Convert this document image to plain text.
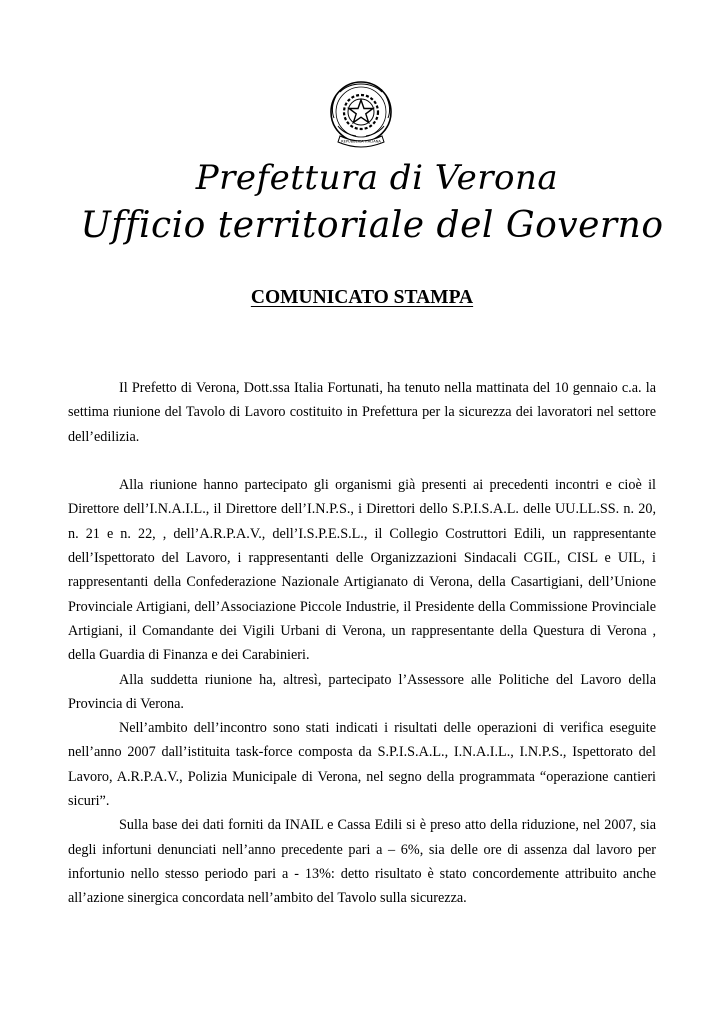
REPUBBLICA ITALIANA
Prefettura di Verona
Ufficio territoriale del Governo
COMUNICATO STAMPA

Il Prefetto di Verona, Dott.ssa Italia Fortunati, ha tenuto nella mattinata del 10 gennaio c.a. la settima riunione del Tavolo di Lavoro costituito in Prefettura per la sicurezza dei lavoratori nel settore dell’edilizia.

Alla riunione hanno partecipato gli organismi già presenti ai precedenti incontri e cioè il Direttore dell’I.N.A.I.L., il Direttore dell’I.N.P.S., i Direttori dello S.P.I.S.A.L. delle UU.LL.SS. n. 20, n. 21 e n. 22, , dell’A.R.P.A.V., dell’I.S.P.E.S.L., il Collegio Costruttori Edili, un rappresentante dell’Ispettorato del Lavoro, i rappresentanti delle Organizzazioni Sindacali CGIL, CISL e UIL, i rappresentanti della Confederazione Nazionale Artigianato di Verona, della Casartigiani, dell’Unione Provinciale Artigiani, dell’Associazione Piccole Industrie, il Presidente della Commissione Provinciale Artigiani, il Comandante dei Vigili Urbani di Verona, un rappresentante della Questura di Verona , della Guardia di Finanza e dei Carabinieri.

Alla suddetta riunione ha, altresì, partecipato l’Assessore alle Politiche del Lavoro della Provincia di Verona.

Nell’ambito dell’incontro sono stati indicati i risultati delle operazioni di verifica eseguite nell’anno 2007 dall’istituita task-force composta da S.P.I.S.A.L., I.N.A.I.L., I.N.P.S., Ispettorato del Lavoro, A.R.P.A.V., Polizia Municipale di Verona, nel segno della programmata “operazione cantieri sicuri”.

Sulla base dei dati forniti da INAIL e Cassa Edili si è preso atto della riduzione, nel 2007, sia degli infortuni denunciati nell’anno precedente pari a – 6%, sia delle ore di assenza dal lavoro per infortunio nello stesso periodo pari a - 13%: detto risultato è stato concordemente attribuito anche all’azione sinergica concordata nell’ambito del Tavolo sulla sicurezza.
